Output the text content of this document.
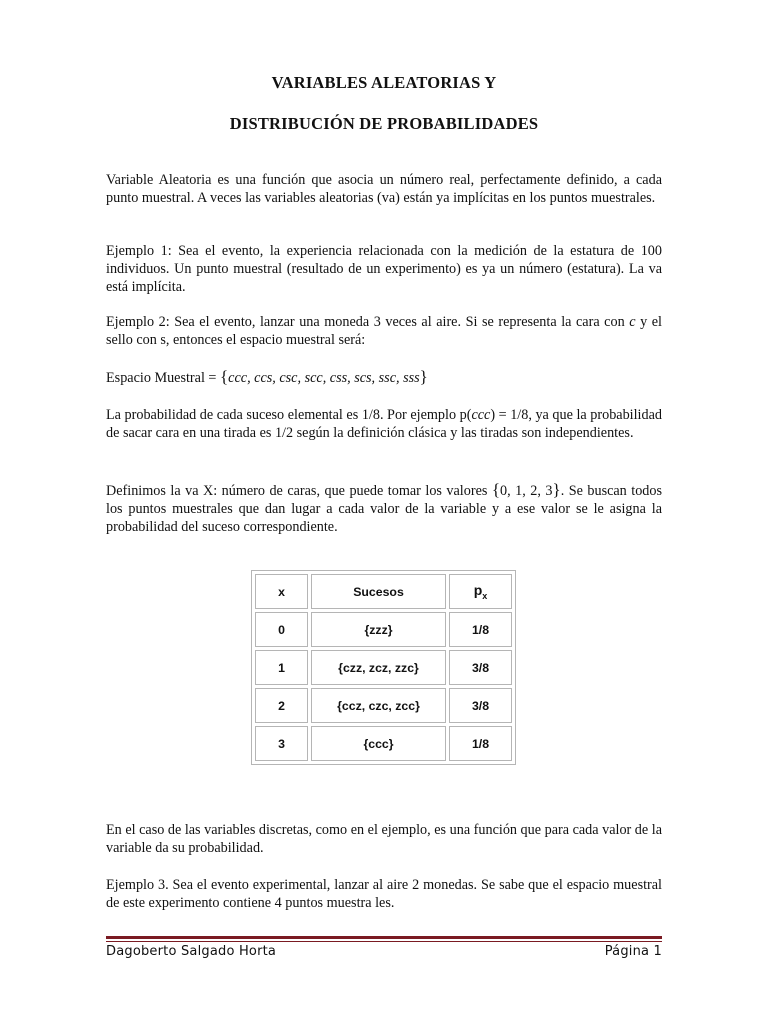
VARIABLES ALEATORIAS Y
DISTRIBUCIÓN DE PROBABILIDADES

Variable Aleatoria es una función que asocia un número real, perfectamente definido, a cada punto muestral. A veces las variables aleatorias (va) están ya implícitas en los puntos muestrales.

Ejemplo 1: Sea el evento, la experiencia relacionada con la medición de la estatura de 100 individuos. Un punto muestral (resultado de un experimento) es ya un número (estatura). La va está implícita.

Ejemplo 2: Sea el evento, lanzar una moneda 3 veces al aire. Si se representa la cara con c y el sello con s, entonces el espacio muestral será:

Espacio Muestral = {ccc, ccs, csc, scc, css, scs, ssc, sss}

La probabilidad de cada suceso elemental es 1/8. Por ejemplo p(ccc) = 1/8, ya que la probabilidad de sacar cara en una tirada es 1/2 según la definición clásica y las tiradas son independientes.

Definimos la va X: número de caras, que puede tomar los valores {0, 1, 2, 3}. Se buscan todos los puntos muestrales que dan lugar a cada valor de la variable y a ese valor se le asigna la probabilidad del suceso correspondiente.

x	Sucesos	$p_x$
0	{zzz}	1/8
1	{czz, zcz, zzc}	3/8
2	{ccz, czc, zcc}	3/8
3	{ccc}	1/8

En el caso de las variables discretas, como en el ejemplo, es una función que para cada valor de la variable da su probabilidad.

Ejemplo 3. Sea el evento experimental, lanzar al aire 2 monedas. Se sabe que el espacio muestral de este experimento contiene 4 puntos muestra les.

Dagoberto Salgado Horta	Página 1
